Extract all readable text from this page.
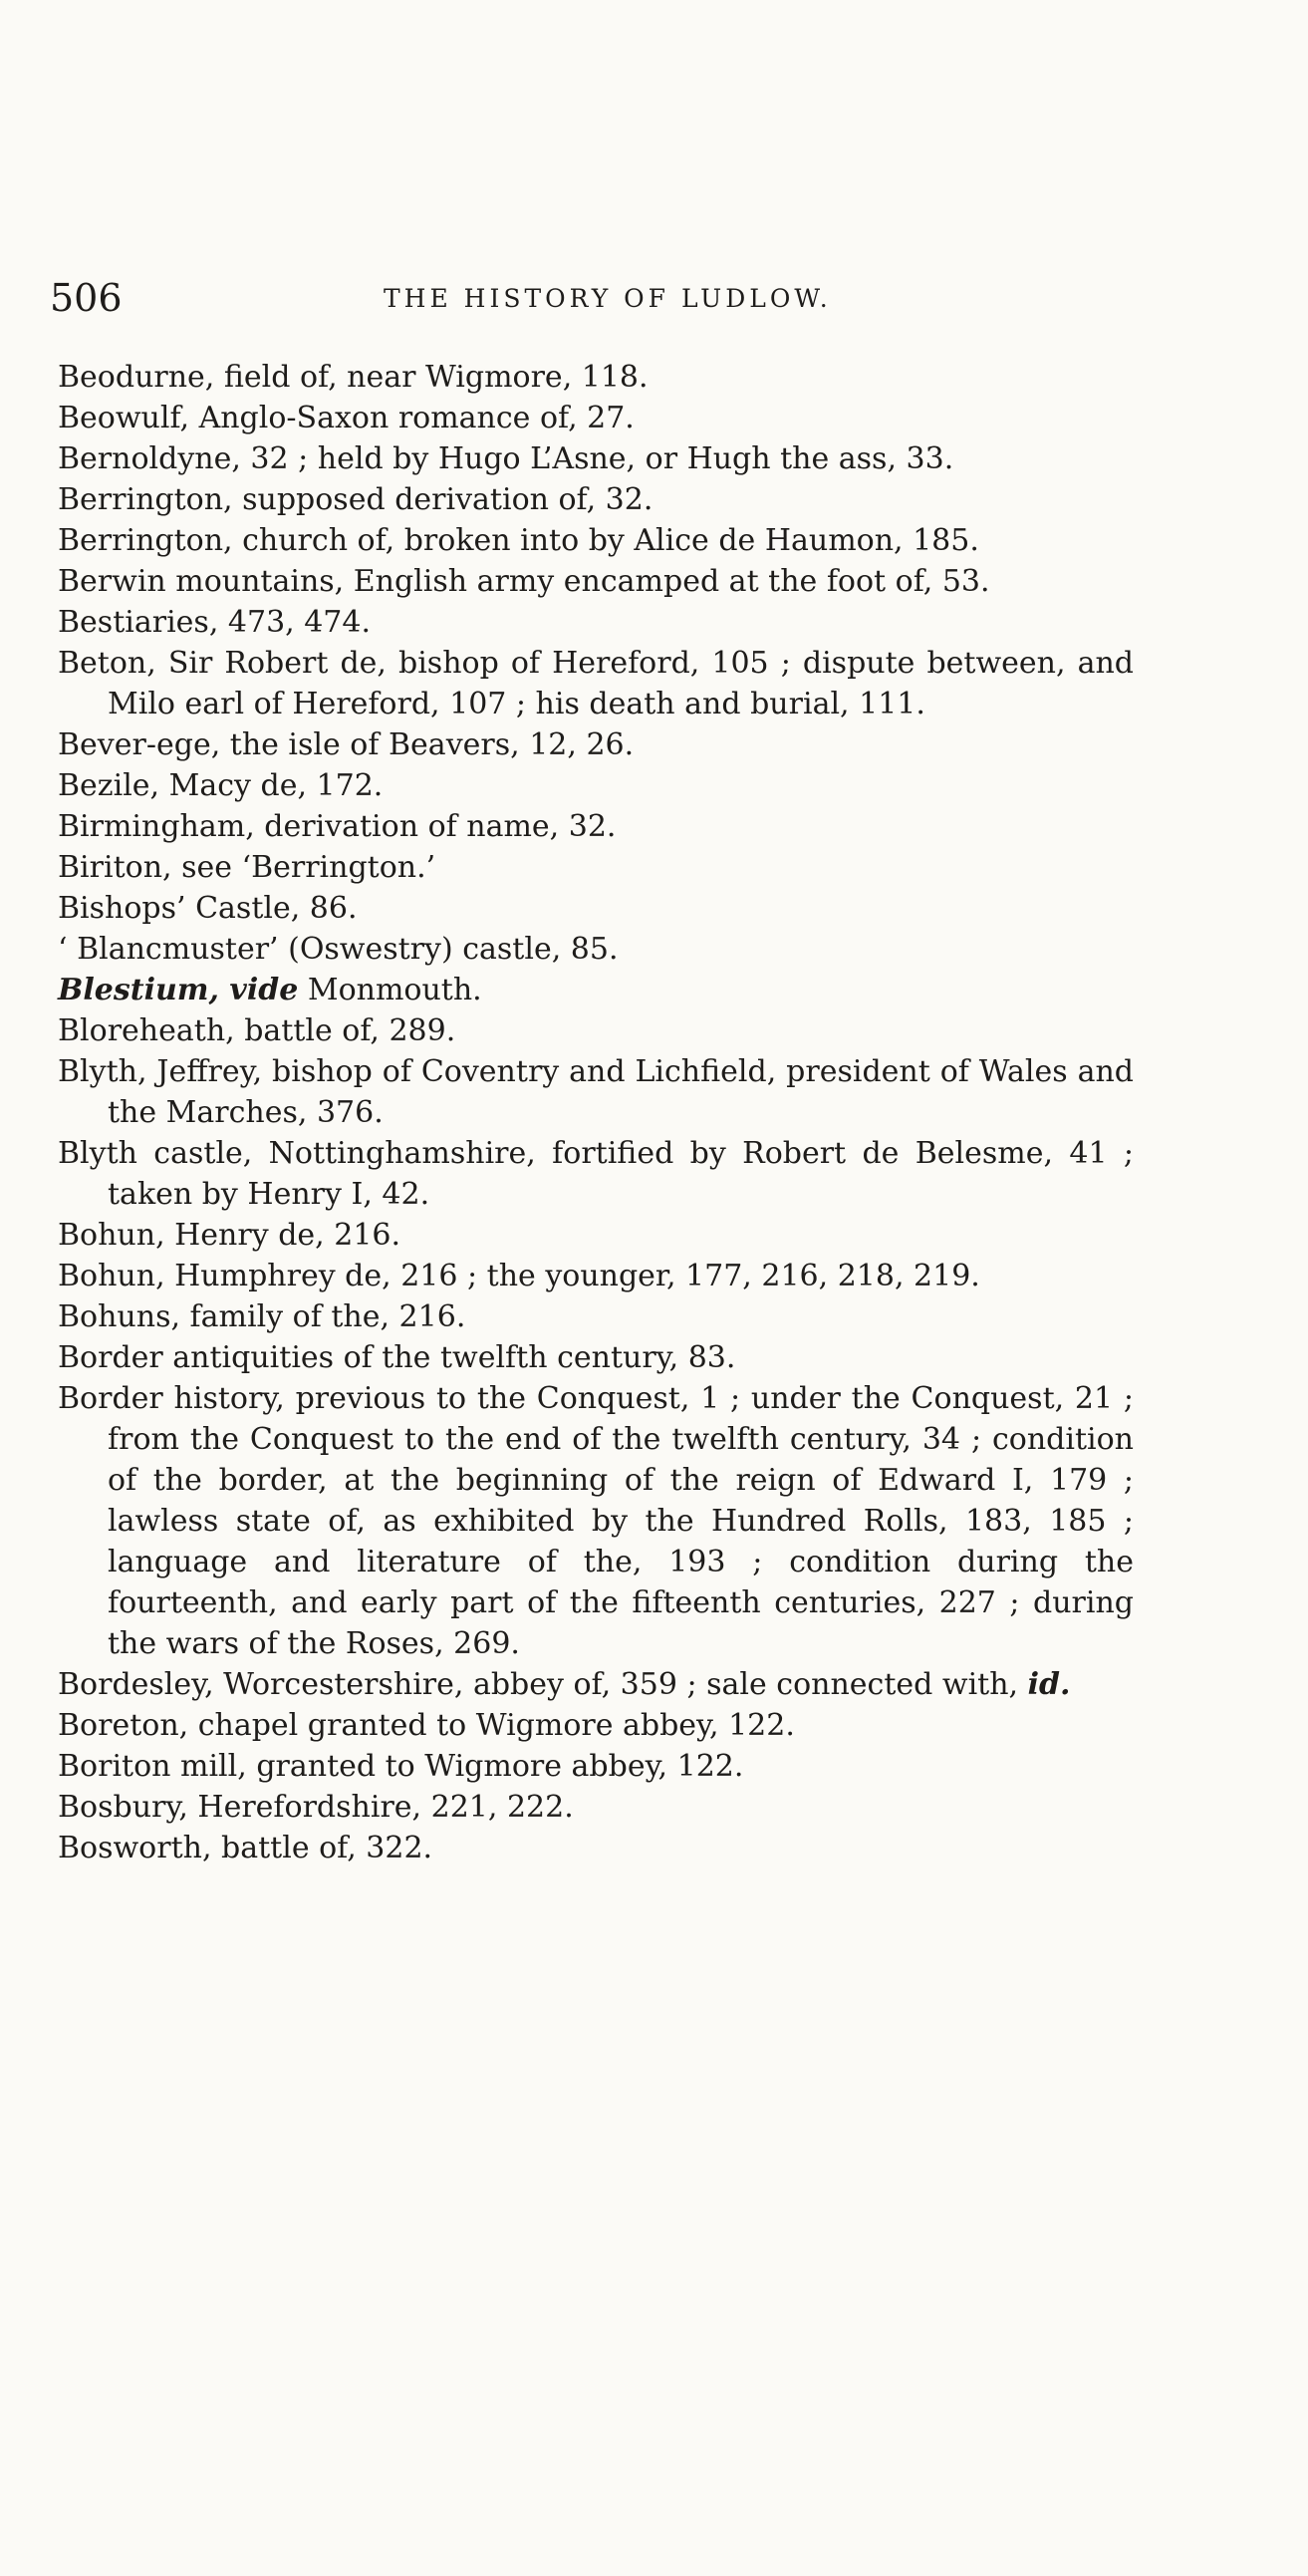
506	THE HISTORY OF LUDLOW.
Beodurne, field of, near Wigmore, 118.
Beowulf, Anglo-Saxon romance of, 27.
Bernoldyne, 32 ; held by Hugo L’Asne, or Hugh the ass, 33.
Berrington, supposed derivation of, 32.
Berrington, church of, broken into by Alice de Haumon, 185.
Berwin mountains, English army encamped at the foot of, 53.
Bestiaries, 473, 474.
Beton, Sir Robert de, bishop of Hereford, 105 ; dispute between, and Milo earl of Hereford, 107 ; his death and burial, 111.
Bever-ege, the isle of Beavers, 12, 26.
Bezile, Macy de, 172.
Birmingham, derivation of name, 32.
Biriton, see ‘Berrington.’
Bishops’ Castle, 86.
‘ Blancmuster’ (Oswestry) castle, 85.
Blestium, vide Monmouth.
Bloreheath, battle of, 289.
Blyth, Jeffrey, bishop of Coventry and Lichfield, president of Wales and the Marches, 376.
Blyth castle, Nottinghamshire, fortified by Robert de Belesme, 41 ; taken by Henry I, 42.
Bohun, Henry de, 216.
Bohun, Humphrey de, 216 ; the younger, 177, 216, 218, 219.
Bohuns, family of the, 216.
Border antiquities of the twelfth century, 83.
Border history, previous to the Conquest, 1 ; under the Conquest, 21 ; from the Conquest to the end of the twelfth century, 34 ; condition of the border, at the beginning of the reign of Edward I, 179 ; lawless state of, as exhibited by the Hundred Rolls, 183, 185 ; language and literature of the, 193 ; condition during the fourteenth, and early part of the fifteenth centuries, 227 ; during the wars of the Roses, 269.
Bordesley, Worcestershire, abbey of, 359 ; sale connected with, id.
Boreton, chapel granted to Wigmore abbey, 122.
Boriton mill, granted to Wigmore abbey, 122.
Bosbury, Herefordshire, 221, 222.
Bosworth, battle of, 322.
